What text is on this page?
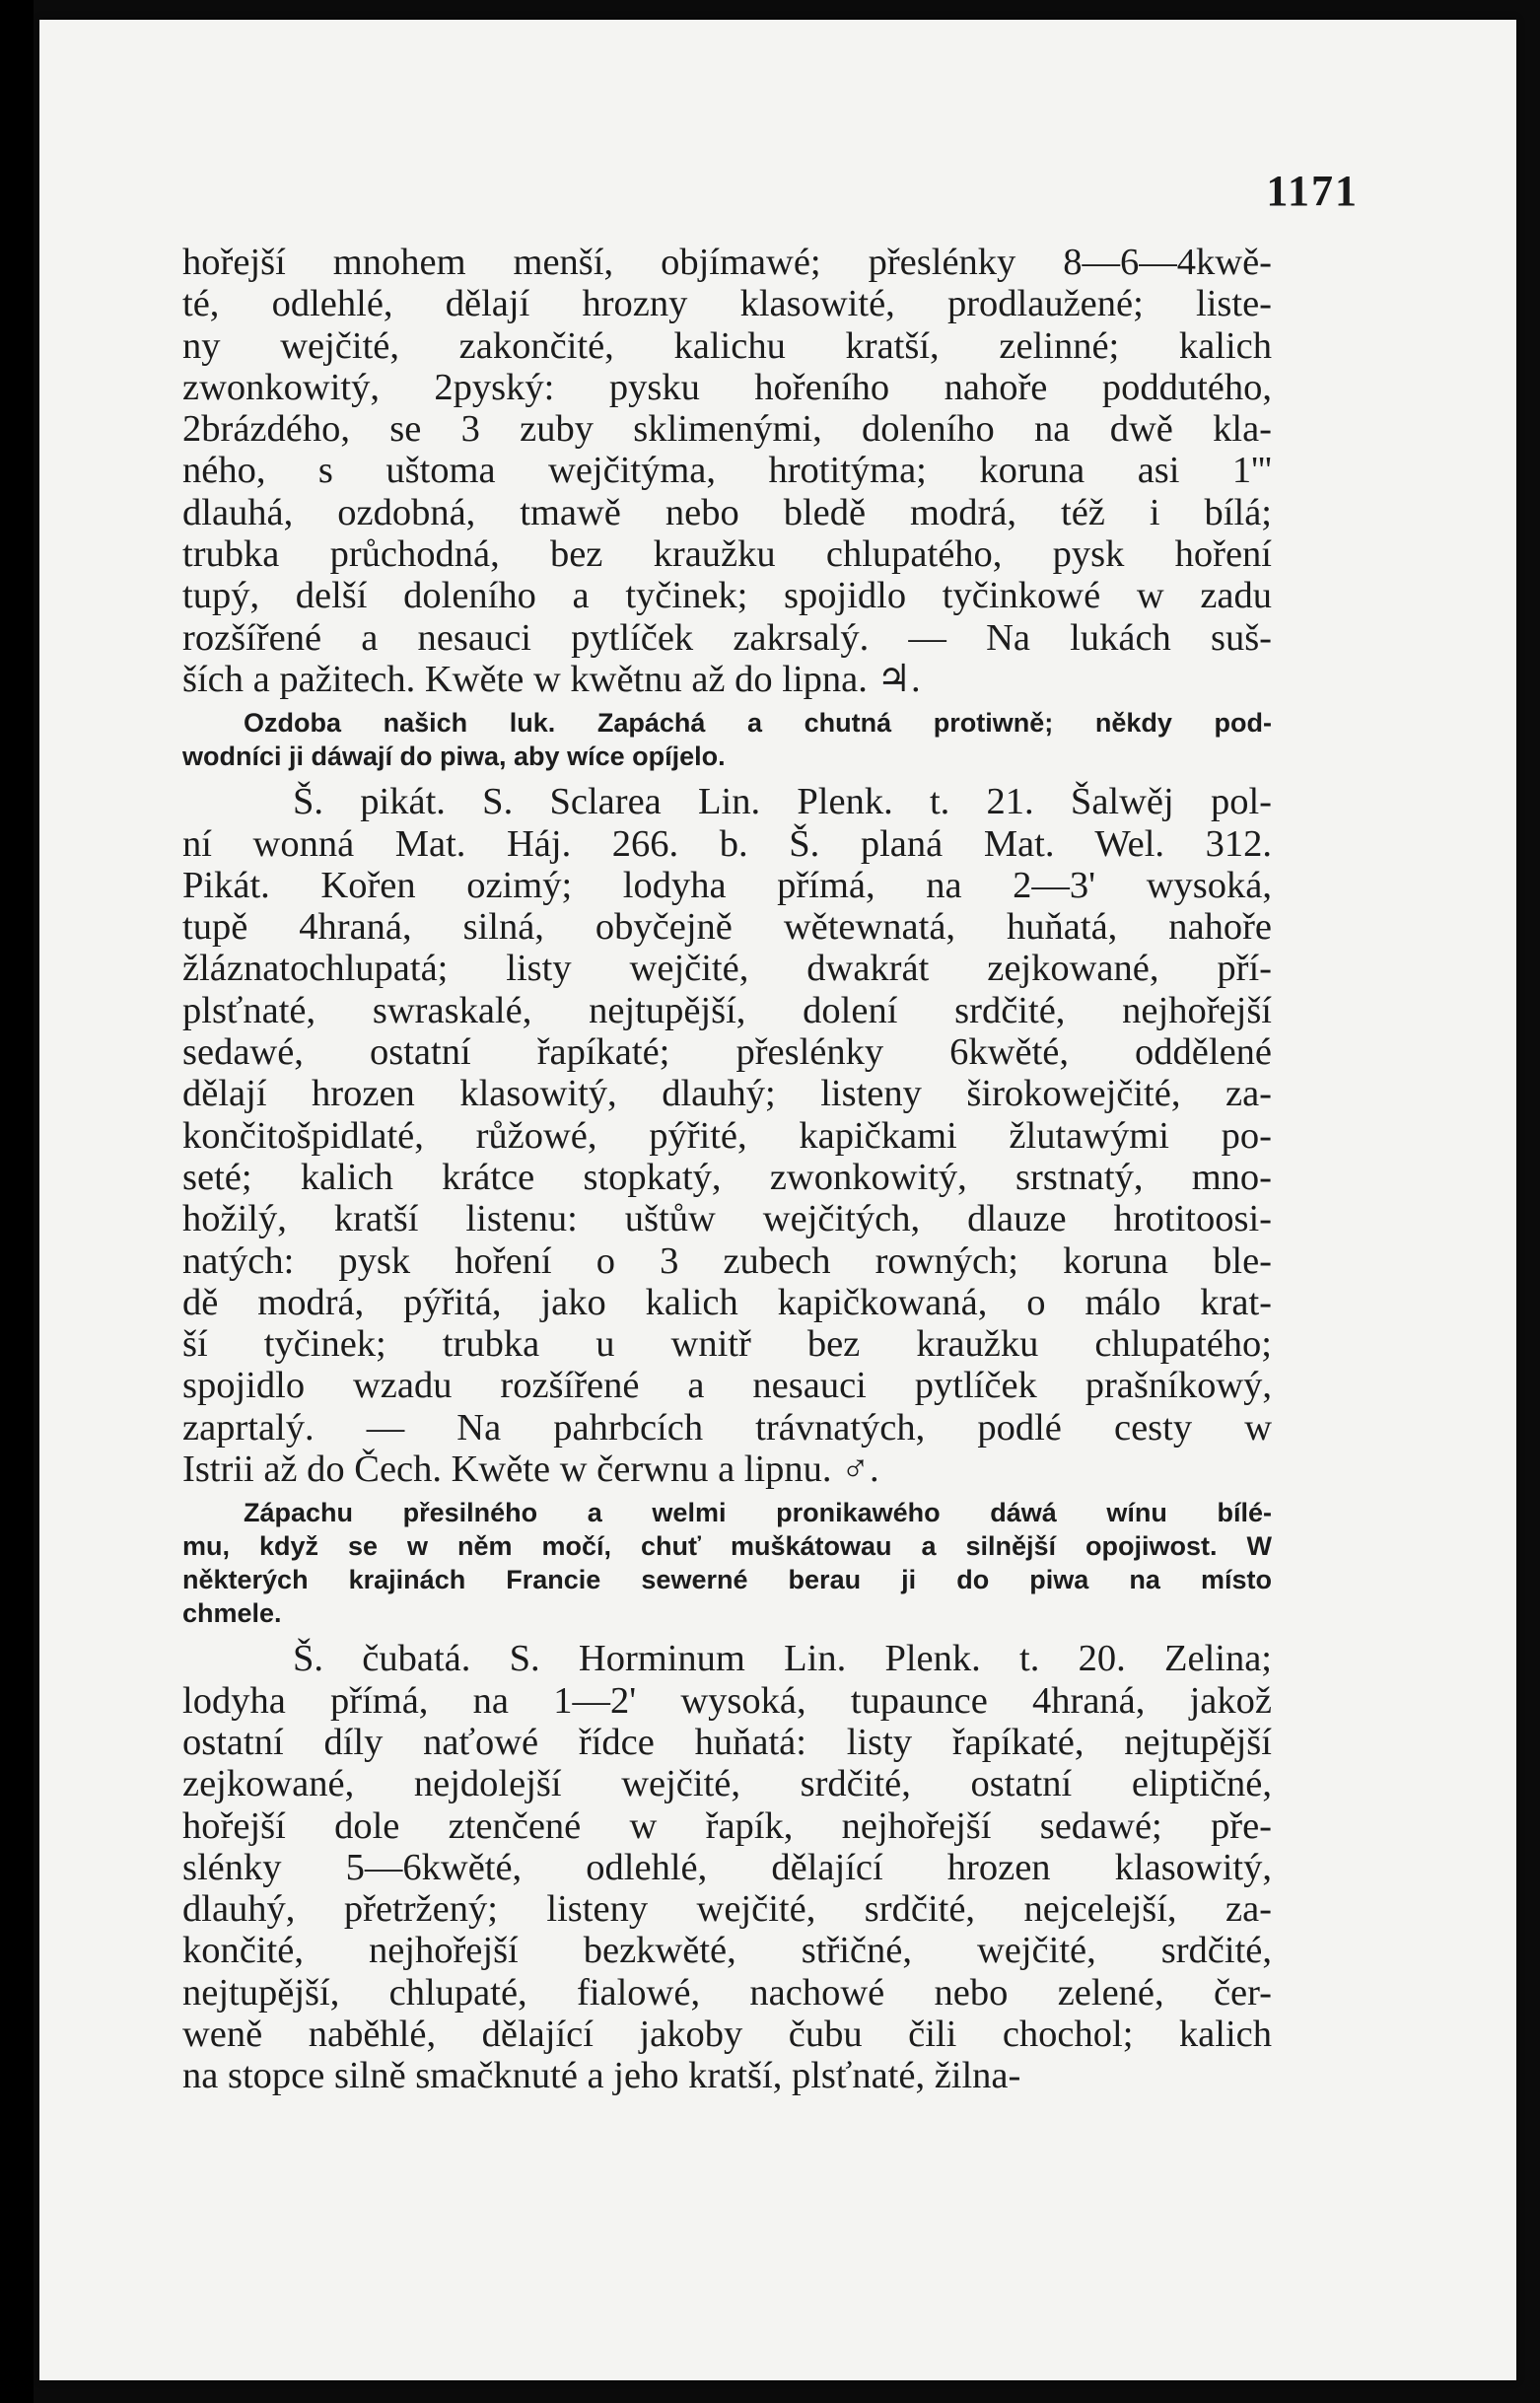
1171
hořejší mnohem menší, objímawé; přeslénky 8—6—4kwě-
té, odlehlé, dělají hrozny klasowité, prodlaužené; liste-
ny wejčité, zakončité, kalichu kratší, zelinné; kalich
zwonkowitý, 2pyský: pysku hořeního nahoře poddutého,
2brázdého, se 3 zuby sklimenými, doleního na dwě kla-
ného, s uštoma wejčitýma, hrotitýma; koruna asi 1'''
dlauhá, ozdobná, tmawě nebo bledě modrá, též i bílá;
trubka průchodná, bez kraužku chlupatého, pysk hoření
tupý, delší doleního a tyčinek; spojidlo tyčinkowé w zadu
rozšířené a nesauci pytlíček zakrsalý. — Na lukách suš-
ších a pažitech. Kwěte w kwětnu až do lipna. ♃.
Ozdoba našich luk. Zapáchá a chutná protiwně; někdy pod-
wodníci ji dáwají do piwa, aby wíce opíjelo.
Š. pikát. S. Sclarea Lin. Plenk. t. 21. Šalwěj pol-
ní wonná Mat. Háj. 266. b. Š. planá Mat. Wel. 312.
Pikát. Kořen ozimý; lodyha přímá, na 2—3' wysoká,
tupě 4hraná, silná, obyčejně wětewnatá, huňatá, nahoře
žláznatochlupatá; listy wejčité, dwakrát zejkowané, pří-
plsťnaté, swraskalé, nejtupější, dolení srdčité, nejhořejší
sedawé, ostatní řapíkaté; přeslénky 6kwěté, oddělené
dělají hrozen klasowitý, dlauhý; listeny širokowejčité, za-
končitošpidlaté, růžowé, pýřité, kapičkami žlutawými po-
seté; kalich krátce stopkatý, zwonkowitý, srstnatý, mno-
hožilý, kratší listenu: uštůw wejčitých, dlauze hrotitoosi-
natých: pysk hoření o 3 zubech rowných; koruna ble-
dě modrá, pýřitá, jako kalich kapičkowaná, o málo krat-
ší tyčinek; trubka u wnitř bez kraužku chlupatého;
spojidlo wzadu rozšířené a nesauci pytlíček prašníkowý,
zaprtalý. — Na pahrbcích trávnatých, podlé cesty w
Istrii až do Čech. Kwěte w čerwnu a lipnu. ♂.
Zápachu přesilného a welmi pronikawého dáwá wínu bílé-
mu, když se w něm močí, chuť muškátowau a silnější opojiwost. W
některých krajinách Francie sewerné berau ji do piwa na místo
chmele.
Š. čubatá. S. Horminum Lin. Plenk. t. 20. Zelina;
lodyha přímá, na 1—2' wysoká, tupaunce 4hraná, jakož
ostatní díly naťowé řídce huňatá: listy řapíkaté, nejtupější
zejkowané, nejdolejší wejčité, srdčité, ostatní eliptičné,
hořejší dole ztenčené w řapík, nejhořejší sedawé; pře-
slénky 5—6kwěté, odlehlé, dělající hrozen klasowitý,
dlauhý, přetržený; listeny wejčité, srdčité, nejcelejší, za-
končité, nejhořejší bezkwěté, střičné, wejčité, srdčité,
nejtupější, chlupaté, fialowé, nachowé nebo zelené, čer-
weně naběhlé, dělající jakoby čubu čili chochol; kalich
na stopce silně smačknuté a jeho kratší, plsťnaté, žilna-
